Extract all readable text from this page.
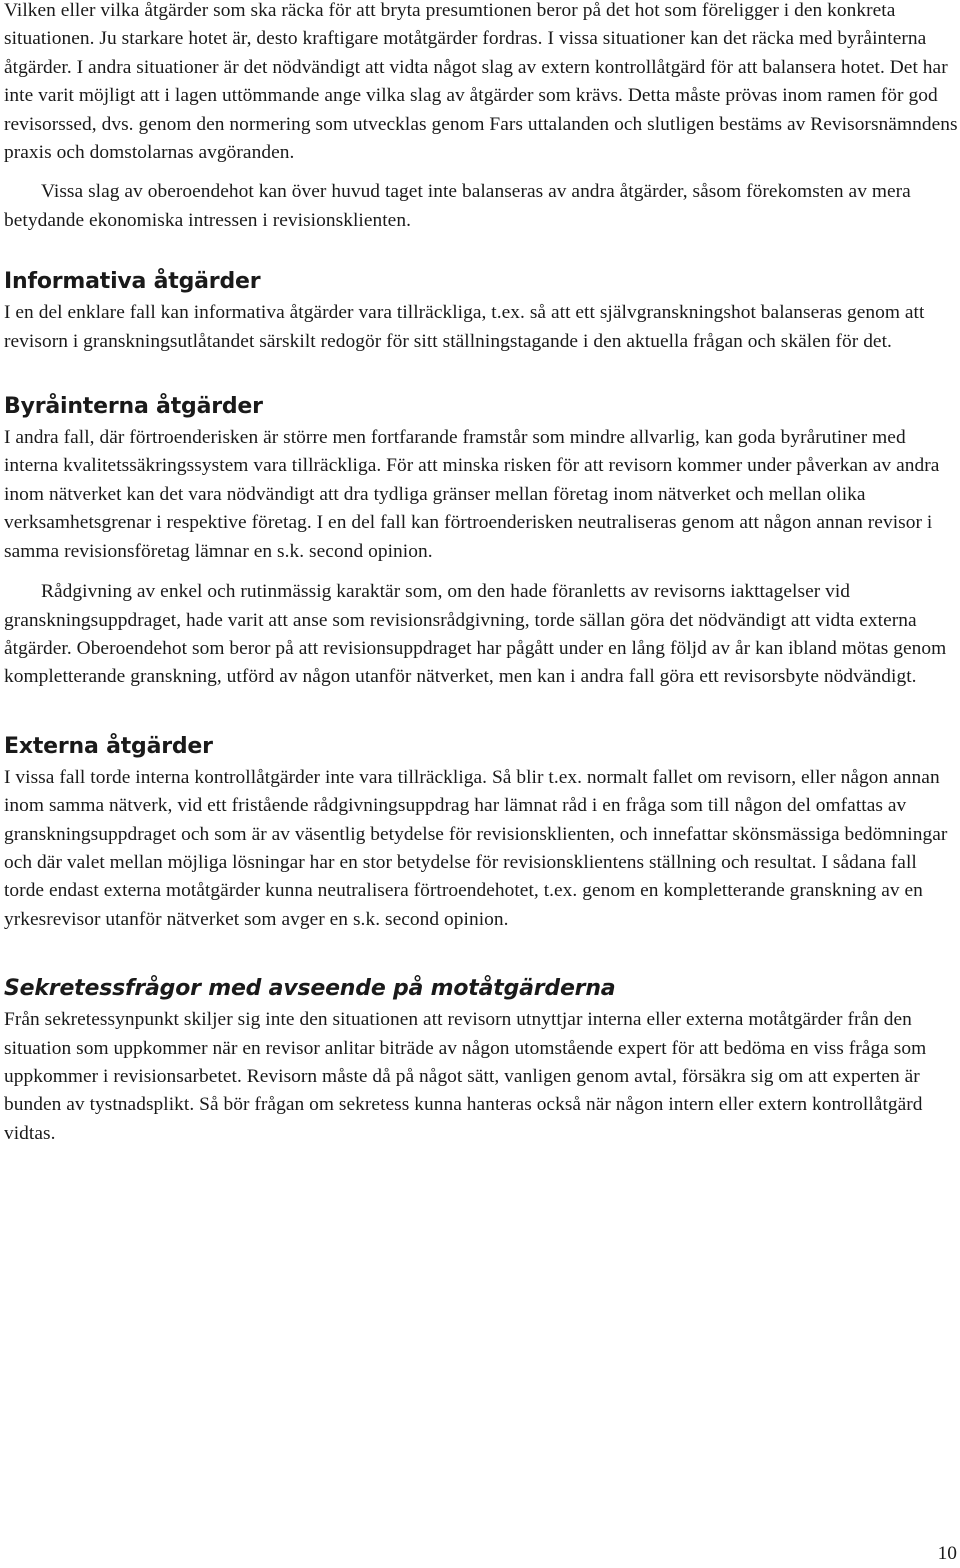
Vilken eller vilka åtgärder som ska räcka för att bryta presumtionen beror på det hot som föreligger i den konkreta situationen. Ju starkare hotet är, desto kraftigare motåtgärder fordras. I vissa situationer kan det räcka med byråinterna åtgärder. I andra situationer är det nödvändigt att vidta något slag av extern kontrollåtgärd för att balansera hotet. Det har inte varit möjligt att i lagen uttömmande ange vilka slag av åtgärder som krävs. Detta måste prövas inom ramen för god revisorssed, dvs. genom den normering som utvecklas genom Fars uttalanden och slutligen bestäms av Revisorsnämndens praxis och domstolarnas avgöranden.

Vissa slag av oberoendehot kan över huvud taget inte balanseras av andra åtgärder, såsom förekomsten av mera betydande ekonomiska intressen i revisionsklienten.

Informativa åtgärder

I en del enklare fall kan informativa åtgärder vara tillräckliga, t.ex. så att ett självgranskningshot balanseras genom att revisorn i granskningsutlåtandet särskilt redogör för sitt ställningstagande i den aktuella frågan och skälen för det.

Byråinterna åtgärder

I andra fall, där förtroenderisken är större men fortfarande framstår som mindre allvarlig, kan goda byrårutiner med interna kvalitetssäkringssystem vara tillräckliga. För att minska risken för att revisorn kommer under påverkan av andra inom nätverket kan det vara nödvändigt att dra tydliga gränser mellan företag inom nätverket och mellan olika verksamhetsgrenar i respektive företag. I en del fall kan förtroenderisken neutraliseras genom att någon annan revisor i samma revisionsföretag lämnar en s.k. second opinion.

Rådgivning av enkel och rutinmässig karaktär som, om den hade föranletts av revisorns iakttagelser vid granskningsuppdraget, hade varit att anse som revisionsrådgivning, torde sällan göra det nödvändigt att vidta externa åtgärder. Oberoendehot som beror på att revisionsuppdraget har pågått under en lång följd av år kan ibland mötas genom kompletterande granskning, utförd av någon utanför nätverket, men kan i andra fall göra ett revisorsbyte nödvändigt.

Externa åtgärder

I vissa fall torde interna kontrollåtgärder inte vara tillräckliga. Så blir t.ex. normalt fallet om revisorn, eller någon annan inom samma nätverk, vid ett fristående rådgivningsuppdrag har lämnat råd i en fråga som till någon del omfattas av granskningsuppdraget och som är av väsentlig betydelse för revisionsklienten, och innefattar skönsmässiga bedömningar och där valet mellan möjliga lösningar har en stor betydelse för revisionsklientens ställning och resultat. I sådana fall torde endast externa motåtgärder kunna neutralisera förtroendehotet, t.ex. genom en kompletterande granskning av en yrkesrevisor utanför nätverket som avger en s.k. second opinion.

Sekretessfrågor med avseende på motåtgärderna

Från sekretessynpunkt skiljer sig inte den situationen att revisorn utnyttjar interna eller externa motåtgärder från den situation som uppkommer när en revisor anlitar biträde av någon utomstående expert för att bedöma en viss fråga som uppkommer i revisionsarbetet. Revisorn måste då på något sätt, vanligen genom avtal, försäkra sig om att experten är bunden av tystnadsplikt. Så bör frågan om sekretess kunna hanteras också när någon intern eller extern kontrollåtgärd vidtas.

10
